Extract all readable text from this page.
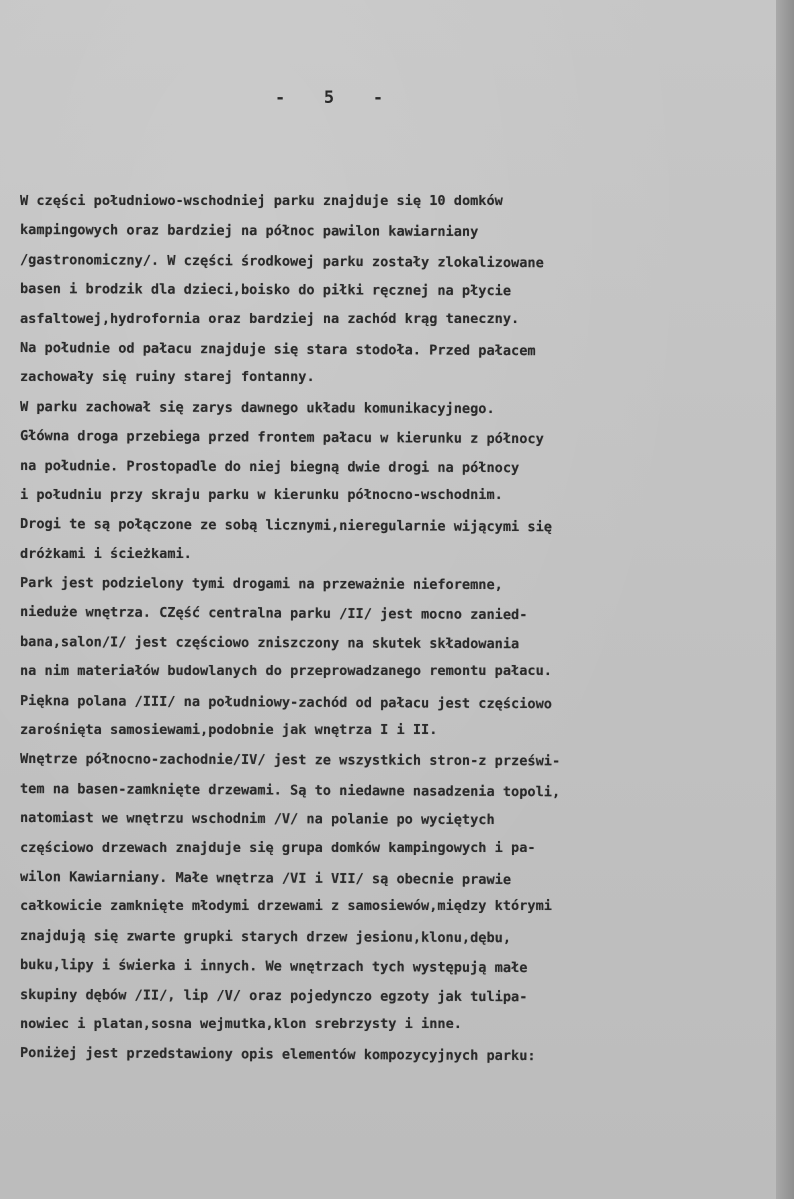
-   5   -
W części południowo-wschodniej parku znajduje się 10 domków
kampingowych oraz bardziej na północ pawilon kawiarniany
/gastronomiczny/. W części środkowej parku zostały zlokalizowane
basen i brodzik dla dzieci,boisko do piłki ręcznej na płycie
asfaltowej,hydrofornia oraz bardziej na zachód krąg taneczny.
Na południe od pałacu znajduje się stara stodoła. Przed pałacem
zachowały się ruiny starej fontanny.
W parku zachował się zarys dawnego układu komunikacyjnego.
Główna droga przebiega przed frontem pałacu w kierunku z północy
na południe. Prostopadle do niej biegną dwie drogi na północy
i południu przy skraju parku w kierunku północno-wschodnim.
Drogi te są połączone ze sobą licznymi,nieregularnie wijącymi się
dróżkami i ścieżkami.
Park jest podzielony tymi drogami na przeważnie nieforemne,
nieduże wnętrza. CZęść centralna parku /II/ jest mocno zanied-
bana,salon/I/ jest częściowo zniszczony na skutek składowania
na nim materiałów budowlanych do przeprowadzanego remontu pałacu.
Piękna polana /III/ na południowy-zachód od pałacu jest częściowo
zarośnięta samosiewami,podobnie jak wnętrza I i II.
Wnętrze północno-zachodnie/IV/ jest ze wszystkich stron-z prześwi-
tem na basen-zamknięte drzewami. Są to niedawne nasadzenia topoli,
natomiast we wnętrzu wschodnim /V/ na polanie po wyciętych
częściowo drzewach znajduje się grupa domków kampingowych i pa-
wilon Kawiarniany. Małe wnętrza /VI i VII/ są obecnie prawie
całkowicie zamknięte młodymi drzewami z samosiewów,między którymi
znajdują się zwarte grupki starych drzew jesionu,klonu,dębu,
buku,lipy i świerka i innych. We wnętrzach tych występują małe
skupiny dębów /II/, lip /V/ oraz pojedynczo egzoty jak tulipa-
nowiec i platan,sosna wejmutka,klon srebrzysty i inne.
Poniżej jest przedstawiony opis elementów kompozycyjnych parku:
